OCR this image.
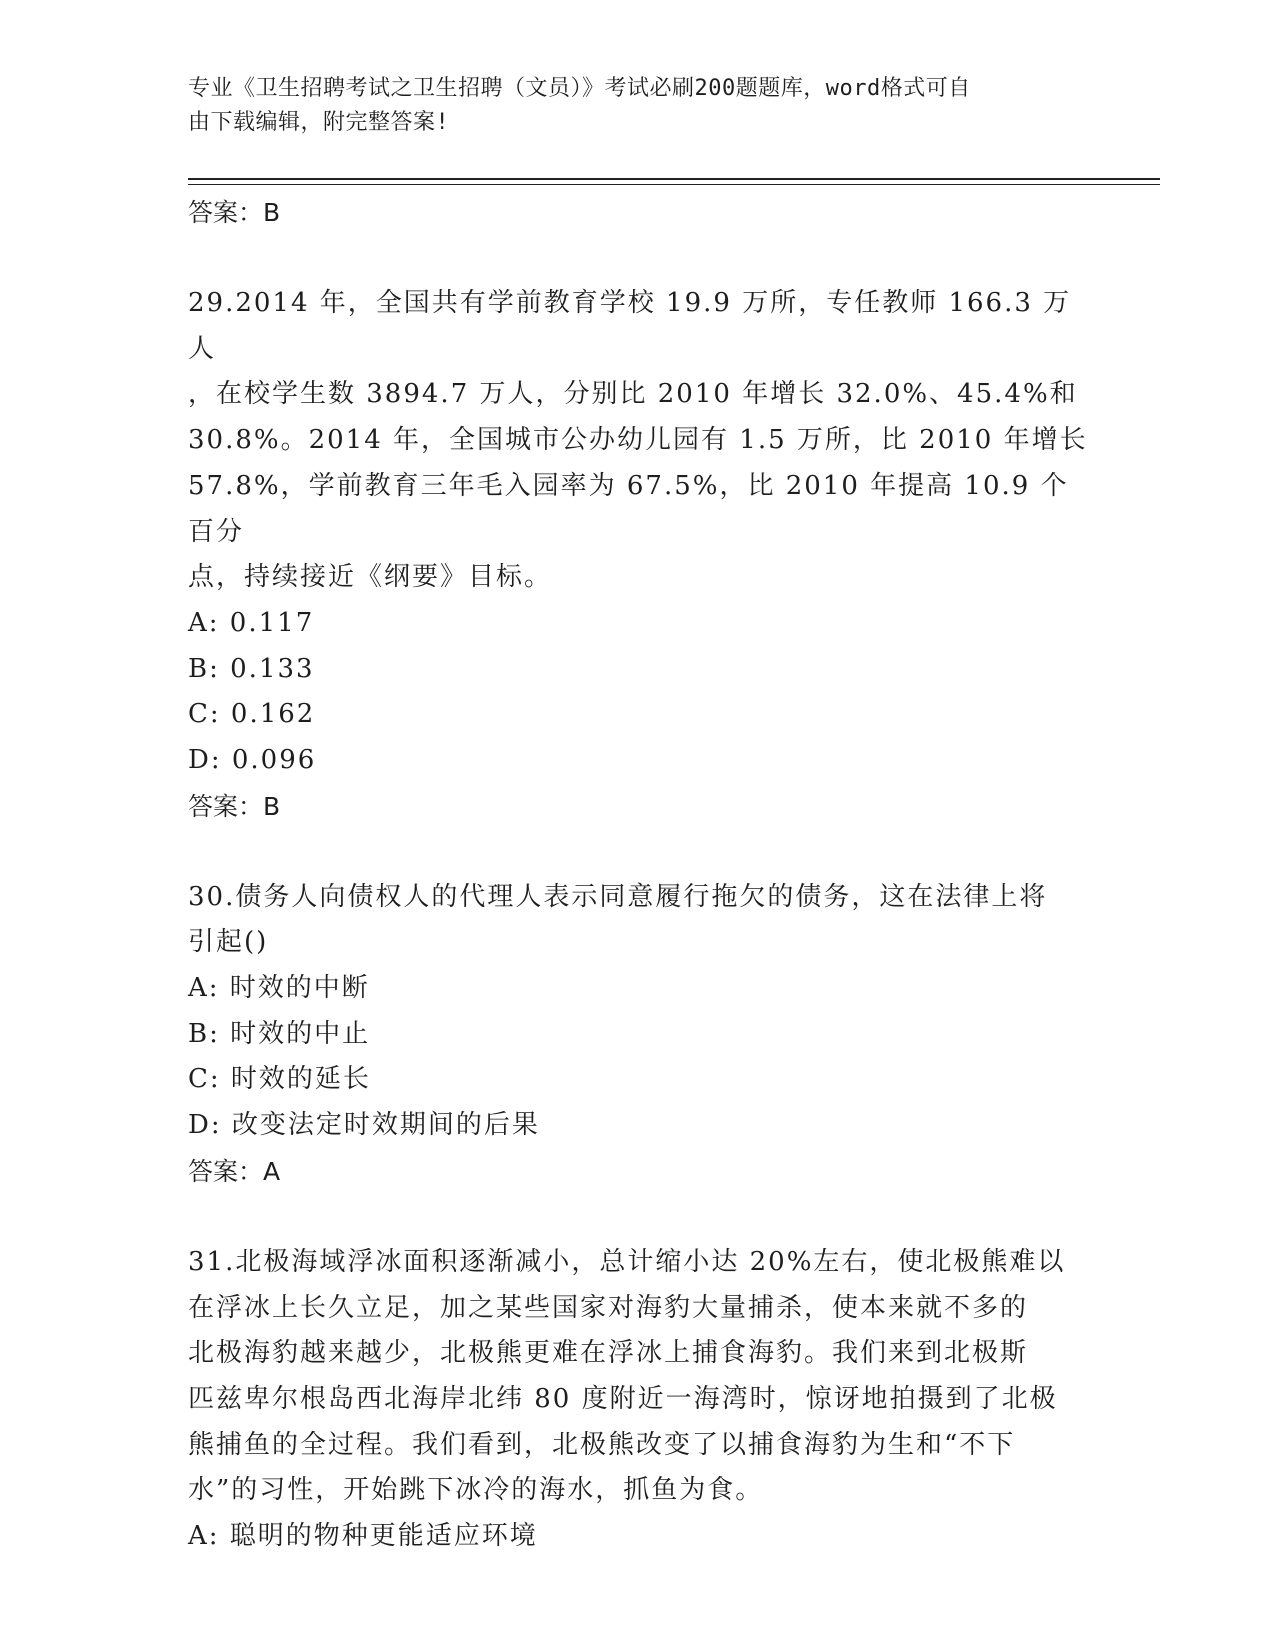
专业《卫生招聘考试之卫生招聘（文员）》考试必刷200题题库，word格式可自
由下载编辑，附完整答案!

答案：B

29.2014 年，全国共有学前教育学校 19.9 万所，专任教师 166.3 万人

，在校学生数 3894.7 万人，分别比 2010 年增长 32.0%、45.4%和

30.8%。2014 年，全国城市公办幼儿园有 1.5 万所，比 2010 年增长

57.8%，学前教育三年毛入园率为 67.5%，比 2010 年提高 10.9 个百分

点，持续接近《纲要》目标。

A: 0.117

B: 0.133

C: 0.162

D: 0.096

答案：B

30.债务人向债权人的代理人表示同意履行拖欠的债务，这在法律上将

引起()

A: 时效的中断

B: 时效的中止

C: 时效的延长

D: 改变法定时效期间的后果

答案：A

31.北极海域浮冰面积逐渐减小，总计缩小达 20%左右，使北极熊难以

在浮冰上长久立足，加之某些国家对海豹大量捕杀，使本来就不多的

北极海豹越来越少，北极熊更难在浮冰上捕食海豹。我们来到北极斯

匹兹卑尔根岛西北海岸北纬 80 度附近一海湾时，惊讶地拍摄到了北极

熊捕鱼的全过程。我们看到，北极熊改变了以捕食海豹为生和“不下

水”的习性，开始跳下冰冷的海水，抓鱼为食。

A: 聪明的物种更能适应环境
